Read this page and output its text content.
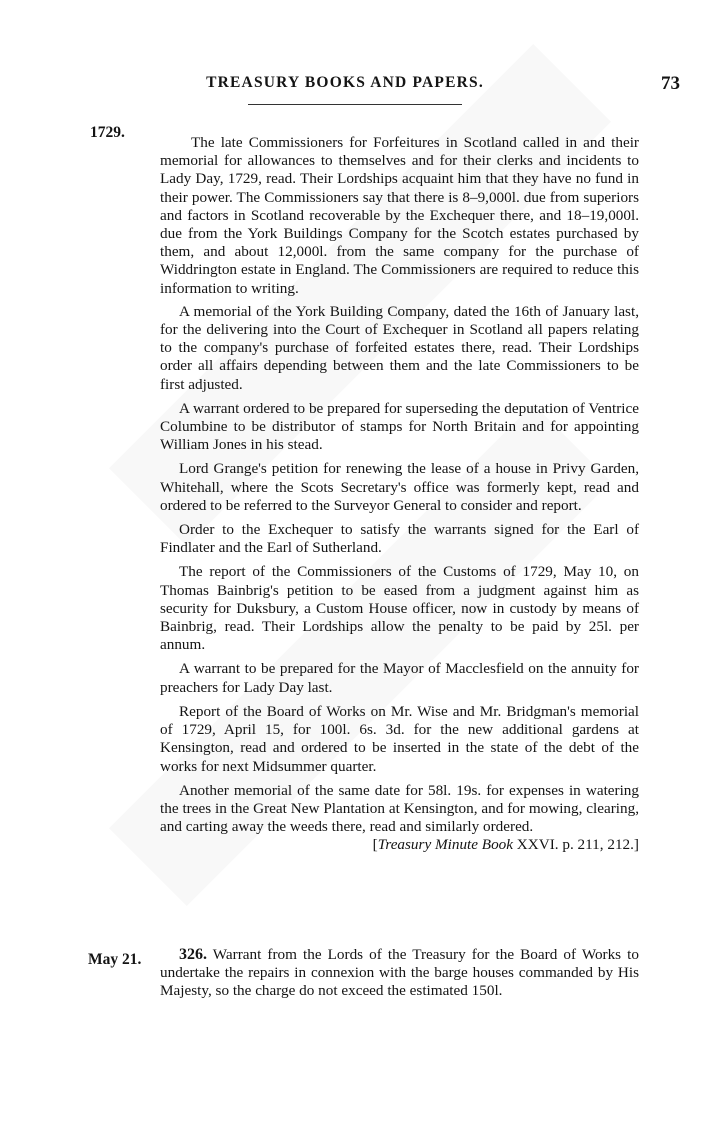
TREASURY BOOKS AND PAPERS.	73
1729.

The late Commissioners for Forfeitures in Scotland called in and their memorial for allowances to themselves and for their clerks and incidents to Lady Day, 1729, read. Their Lordships acquaint him that they have no fund in their power. The Commissioners say that there is 8–9,000l. due from superiors and factors in Scotland recoverable by the Exchequer there, and 18–19,000l. due from the York Buildings Company for the Scotch estates purchased by them, and about 12,000l. from the same company for the purchase of Widdrington estate in England. The Commissioners are required to reduce this information to writing.

A memorial of the York Building Company, dated the 16th of January last, for the delivering into the Court of Exchequer in Scotland all papers relating to the company's purchase of forfeited estates there, read. Their Lordships order all affairs depending between them and the late Commissioners to be first adjusted.

A warrant ordered to be prepared for superseding the deputation of Ventrice Columbine to be distributor of stamps for North Britain and for appointing William Jones in his stead.

Lord Grange's petition for renewing the lease of a house in Privy Garden, Whitehall, where the Scots Secretary's office was formerly kept, read and ordered to be referred to the Surveyor General to consider and report.

Order to the Exchequer to satisfy the warrants signed for the Earl of Findlater and the Earl of Sutherland.

The report of the Commissioners of the Customs of 1729, May 10, on Thomas Bainbrig's petition to be eased from a judgment against him as security for Duksbury, a Custom House officer, now in custody by means of Bainbrig, read. Their Lordships allow the penalty to be paid by 25l. per annum.

A warrant to be prepared for the Mayor of Macclesfield on the annuity for preachers for Lady Day last.

Report of the Board of Works on Mr. Wise and Mr. Bridgman's memorial of 1729, April 15, for 100l. 6s. 3d. for the new additional gardens at Kensington, read and ordered to be inserted in the state of the debt of the works for next Midsummer quarter.

Another memorial of the same date for 58l. 19s. for expenses in watering the trees in the Great New Plantation at Kensington, and for mowing, clearing, and carting away the weeds there, read and similarly ordered.

[Treasury Minute Book XXVI. p. 211, 212.]
May 21.	326. Warrant from the Lords of the Treasury for the Board of Works to undertake the repairs in connexion with the barge houses commanded by His Majesty, so the charge do not exceed the estimated 150l.
